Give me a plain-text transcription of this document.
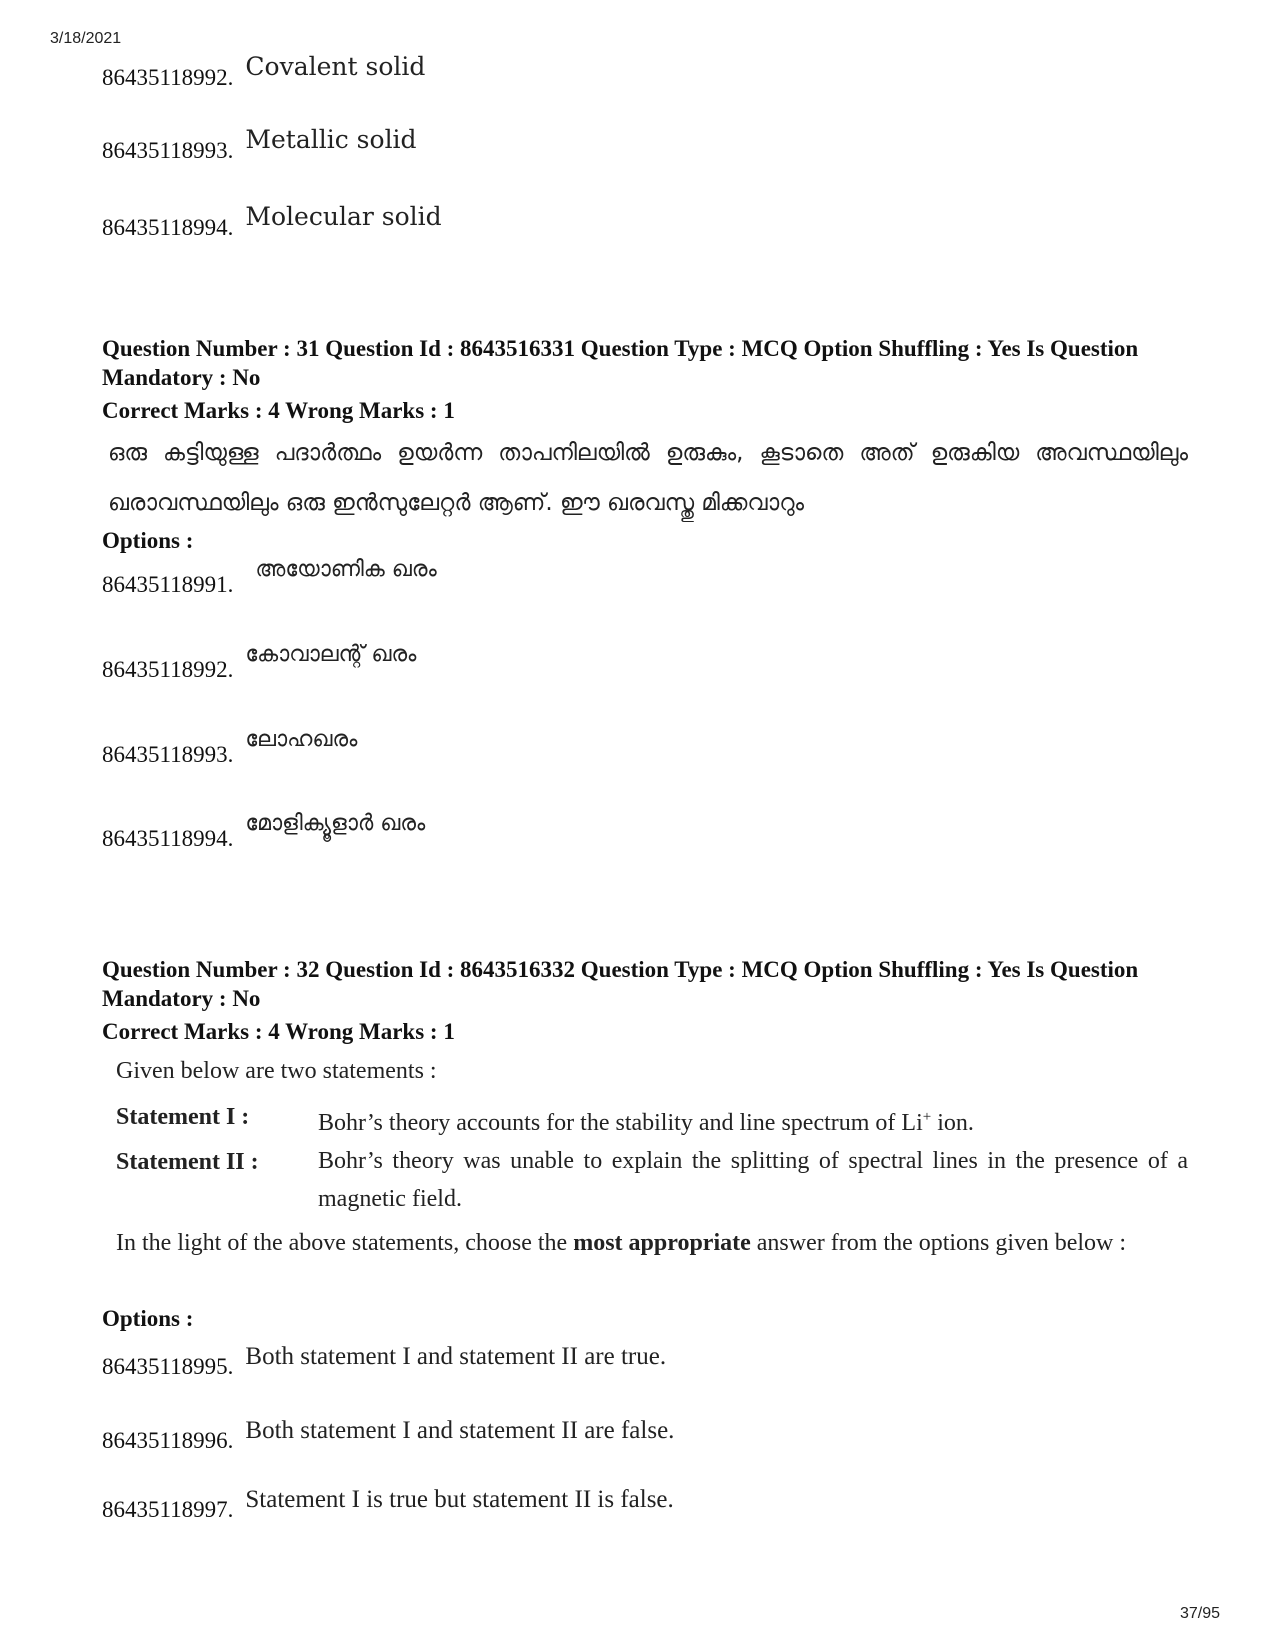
3/18/2021
86435118992. Covalent solid
86435118993. Metallic solid
86435118994. Molecular solid
Question Number : 31 Question Id : 8643516331 Question Type : MCQ Option Shuffling : Yes Is Question Mandatory : No
Correct Marks : 4 Wrong Marks : 1
ഒരു കട്ടിയുള്ള പദാർത്ഥം ഉയർന്ന താപനിലയിൽ ഉരുകും, കൂടാതെ അത് ഉരുകിയ അവസ്ഥയിലും ഖരാവസ്ഥയിലും ഒരു ഇൻസുലേറ്റർ ആണ്. ഈ ഖരവസ്തു മിക്കവാറും
Options :
86435118991.
അയോണിക ഖരം
86435118992.
കോവാലന്റ് ഖരം
86435118993.
ലോഹഖരം
86435118994.
മോളിക്യൂളാർ ഖരം
Question Number : 32 Question Id : 8643516332 Question Type : MCQ Option Shuffling : Yes Is Question Mandatory : No
Correct Marks : 4 Wrong Marks : 1
Given below are two statements :
Statement I :	Bohr’s theory accounts for the stability and line spectrum of Li+ ion.
Statement II : Bohr’s theory was unable to explain the splitting of spectral lines in the presence of a magnetic field.
In the light of the above statements, choose the most appropriate answer from the options given below :
Options :
86435118995. Both statement I and statement II are true.
86435118996. Both statement I and statement II are false.
86435118997. Statement I is true but statement II is false.
37/95
